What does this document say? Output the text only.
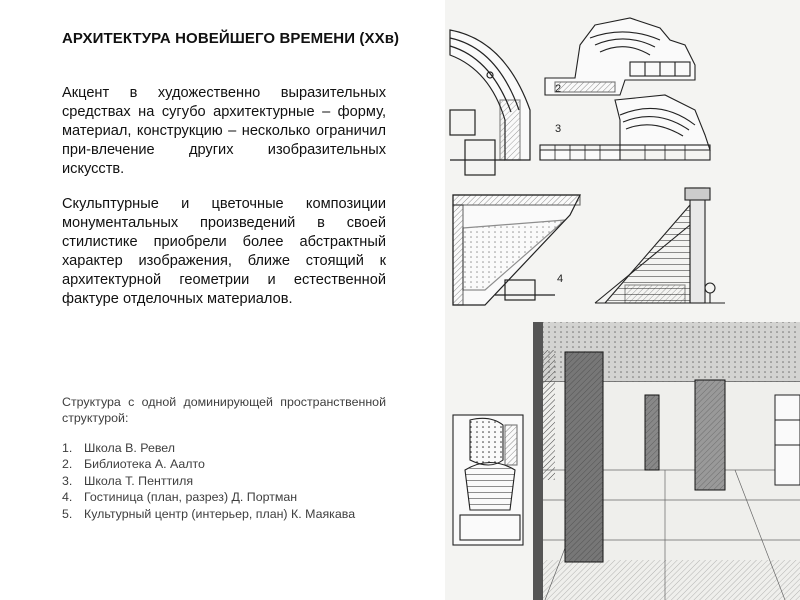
АРХИТЕКТУРА НОВЕЙШЕГО ВРЕМЕНИ (XXв)

Акцент в художественно выразительных средствах на сугубо архитектурные – форму, материал, конструкцию – несколько ограничил при-влечение других изобразительных искусств.

Скульптурные и цветочные композиции монументальных произведений в своей стилистике приобрели более абстрактный характер изображения, ближе стоящий к архитектурной геометрии и естественной фактуре отделочных материалов.

Структура с одной доминирующей пространственной структурой:

1. Школа В. Ревел
2. Библиотека А. Аалто
3. Школа Т. Пенттиля
4. Гостиница (план, разрез) Д. Портман
5. Культурный центр (интерьер, план) К. Маякава
2
3
4
